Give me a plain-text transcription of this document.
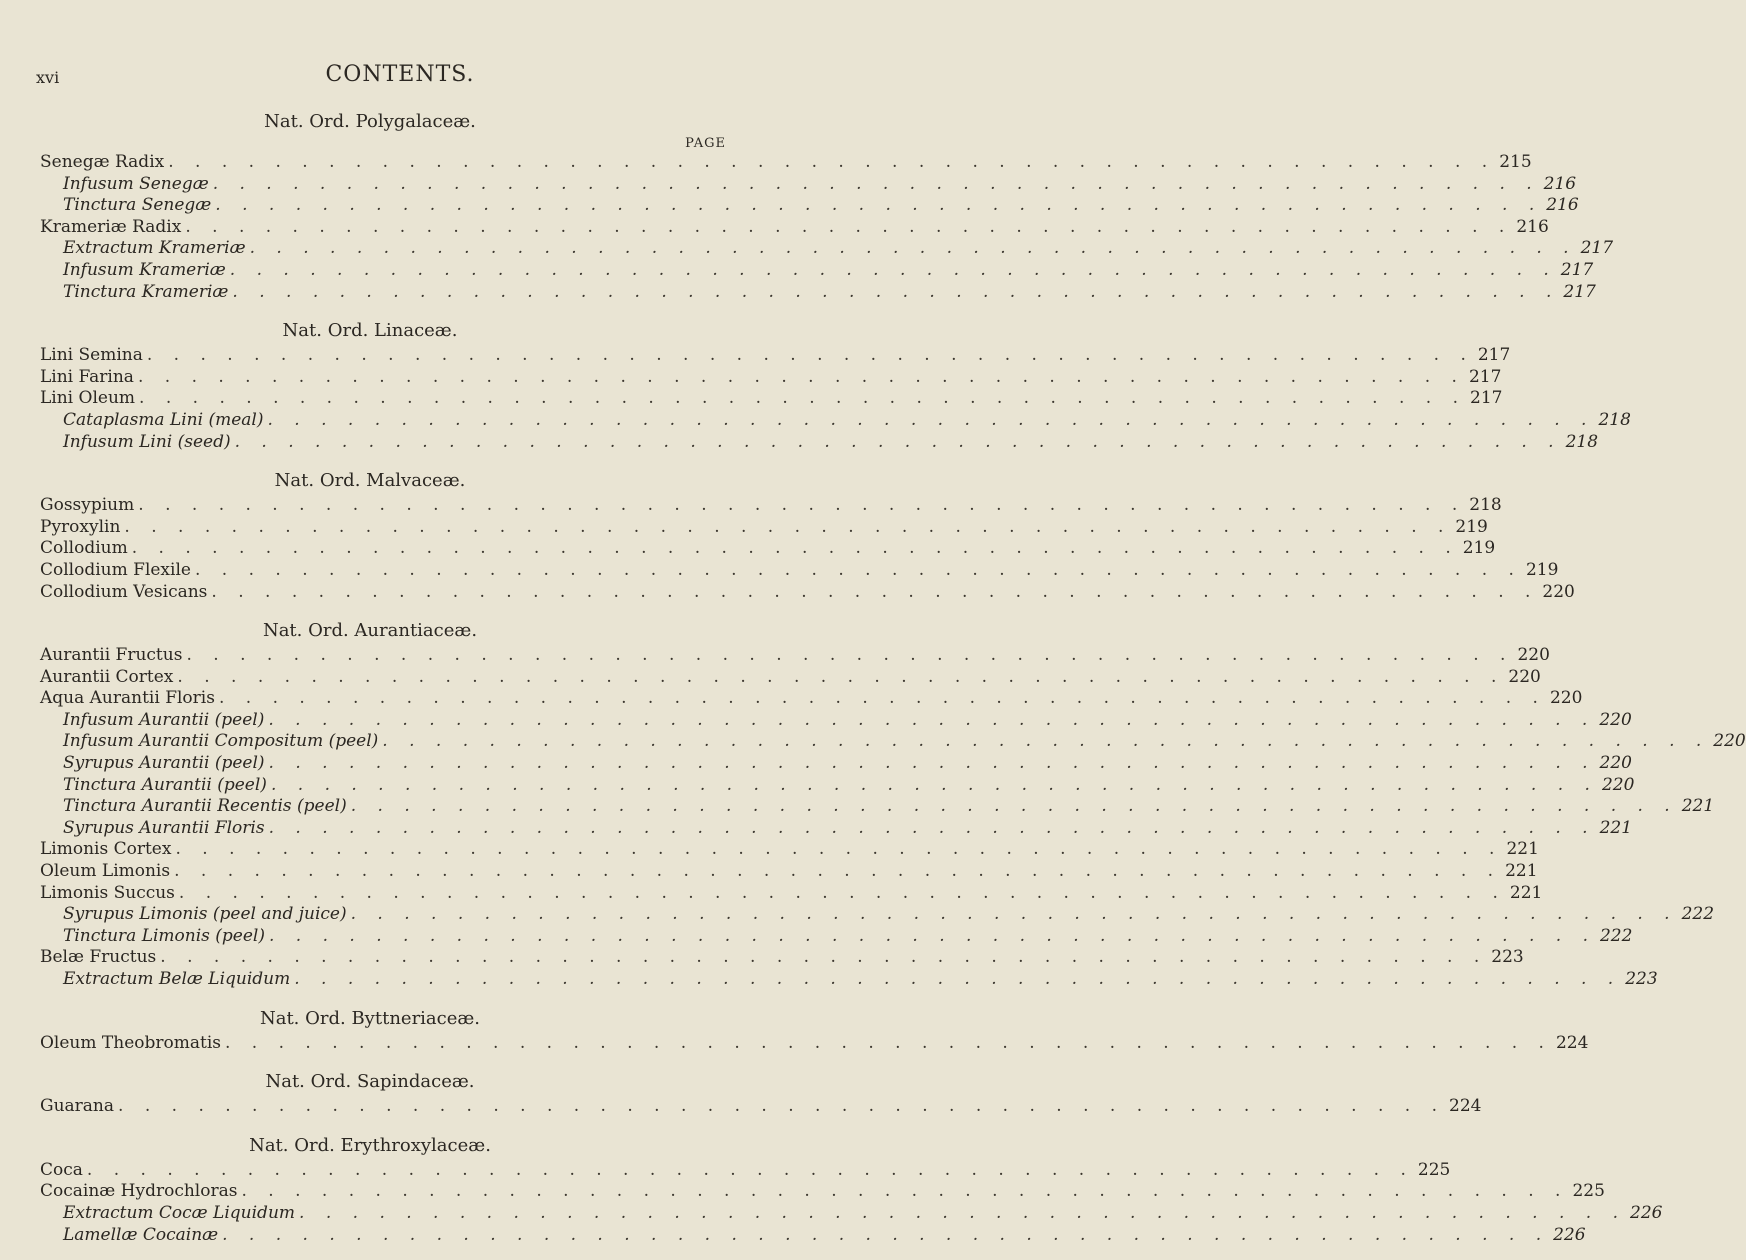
xvi	CONTENTS.
Nat. Ord. Polygalaceæ.
PAGE
Senegæ Radix . . . . . . . . . . . . . . . . . . . . . . . . . . . . . . . . . . . . . . . . . . . . . . . . . . 215
Infusum Senegæ . . . . . . . . . . . . . . . . . . . . . . . . . . . . . . . . . . . . . . . . . . . . . . . . . . 216
Tinctura Senegæ . . . . . . . . . . . . . . . . . . . . . . . . . . . . . . . . . . . . . . . . . . . . . . . . . . 216
Krameriæ Radix . . . . . . . . . . . . . . . . . . . . . . . . . . . . . . . . . . . . . . . . . . . . . . . . . . 216
Extractum Krameriæ . . . . . . . . . . . . . . . . . . . . . . . . . . . . . . . . . . . . . . . . . . . . . . . . . . 217
Infusum Krameriæ . . . . . . . . . . . . . . . . . . . . . . . . . . . . . . . . . . . . . . . . . . . . . . . . . . 217
Tinctura Krameriæ . . . . . . . . . . . . . . . . . . . . . . . . . . . . . . . . . . . . . . . . . . . . . . . . . . 217
Nat. Ord. Linaceæ.
Lini Semina . . . . . . . . . . . . . . . . . . . . . . . . . . . . . . . . . . . . . . . . . . . . . . . . . . 217
Lini Farina . . . . . . . . . . . . . . . . . . . . . . . . . . . . . . . . . . . . . . . . . . . . . . . . . . 217
Lini Oleum . . . . . . . . . . . . . . . . . . . . . . . . . . . . . . . . . . . . . . . . . . . . . . . . . . 217
Cataplasma Lini (meal) . . . . . . . . . . . . . . . . . . . . . . . . . . . . . . . . . . . . . . . . . . . . . . . . . . 218
Infusum Lini (seed) . . . . . . . . . . . . . . . . . . . . . . . . . . . . . . . . . . . . . . . . . . . . . . . . . . 218
Nat. Ord. Malvaceæ.
Gossypium . . . . . . . . . . . . . . . . . . . . . . . . . . . . . . . . . . . . . . . . . . . . . . . . . . 218
Pyroxylin . . . . . . . . . . . . . . . . . . . . . . . . . . . . . . . . . . . . . . . . . . . . . . . . . . 219
Collodium . . . . . . . . . . . . . . . . . . . . . . . . . . . . . . . . . . . . . . . . . . . . . . . . . . 219
Collodium Flexile . . . . . . . . . . . . . . . . . . . . . . . . . . . . . . . . . . . . . . . . . . . . . . . . . . 219
Collodium Vesicans . . . . . . . . . . . . . . . . . . . . . . . . . . . . . . . . . . . . . . . . . . . . . . . . . . 220
Nat. Ord. Aurantiaceæ.
Aurantii Fructus . . . . . . . . . . . . . . . . . . . . . . . . . . . . . . . . . . . . . . . . . . . . . . . . . . 220
Aurantii Cortex . . . . . . . . . . . . . . . . . . . . . . . . . . . . . . . . . . . . . . . . . . . . . . . . . . 220
Aqua Aurantii Floris . . . . . . . . . . . . . . . . . . . . . . . . . . . . . . . . . . . . . . . . . . . . . . . . . . 220
Infusum Aurantii (peel) . . . . . . . . . . . . . . . . . . . . . . . . . . . . . . . . . . . . . . . . . . . . . . . . . . 220
Infusum Aurantii Compositum (peel) . . . . . . . . . . . . . . . . . . . . . . . . . . . . . . . . . . . . . . . . . . . . . . . . . . 220
Syrupus Aurantii (peel) . . . . . . . . . . . . . . . . . . . . . . . . . . . . . . . . . . . . . . . . . . . . . . . . . . 220
Tinctura Aurantii (peel) . . . . . . . . . . . . . . . . . . . . . . . . . . . . . . . . . . . . . . . . . . . . . . . . . . 220
Tinctura Aurantii Recentis (peel) . . . . . . . . . . . . . . . . . . . . . . . . . . . . . . . . . . . . . . . . . . . . . . . . . . 221
Syrupus Aurantii Floris . . . . . . . . . . . . . . . . . . . . . . . . . . . . . . . . . . . . . . . . . . . . . . . . . . 221
Limonis Cortex . . . . . . . . . . . . . . . . . . . . . . . . . . . . . . . . . . . . . . . . . . . . . . . . . . 221
Oleum Limonis . . . . . . . . . . . . . . . . . . . . . . . . . . . . . . . . . . . . . . . . . . . . . . . . . . 221
Limonis Succus . . . . . . . . . . . . . . . . . . . . . . . . . . . . . . . . . . . . . . . . . . . . . . . . . . 221
Syrupus Limonis (peel and juice) . . . . . . . . . . . . . . . . . . . . . . . . . . . . . . . . . . . . . . . . . . . . . . . . . . 222
Tinctura Limonis (peel) . . . . . . . . . . . . . . . . . . . . . . . . . . . . . . . . . . . . . . . . . . . . . . . . . . 222
Belæ Fructus . . . . . . . . . . . . . . . . . . . . . . . . . . . . . . . . . . . . . . . . . . . . . . . . . . 223
Extractum Belæ Liquidum . . . . . . . . . . . . . . . . . . . . . . . . . . . . . . . . . . . . . . . . . . . . . . . . . . 223
Nat. Ord. Byttneriaceæ.
Oleum Theobromatis . . . . . . . . . . . . . . . . . . . . . . . . . . . . . . . . . . . . . . . . . . . . . . . . . . 224
Nat. Ord. Sapindaceæ.
Guarana . . . . . . . . . . . . . . . . . . . . . . . . . . . . . . . . . . . . . . . . . . . . . . . . . . 224
Nat. Ord. Erythroxylaceæ.
Coca . . . . . . . . . . . . . . . . . . . . . . . . . . . . . . . . . . . . . . . . . . . . . . . . . . 225
Cocainæ Hydrochloras . . . . . . . . . . . . . . . . . . . . . . . . . . . . . . . . . . . . . . . . . . . . . . . . . . 225
Extractum Cocæ Liquidum . . . . . . . . . . . . . . . . . . . . . . . . . . . . . . . . . . . . . . . . . . . . . . . . . . 226
Lamellæ Cocainæ . . . . . . . . . . . . . . . . . . . . . . . . . . . . . . . . . . . . . . . . . . . . . . . . . . 226
